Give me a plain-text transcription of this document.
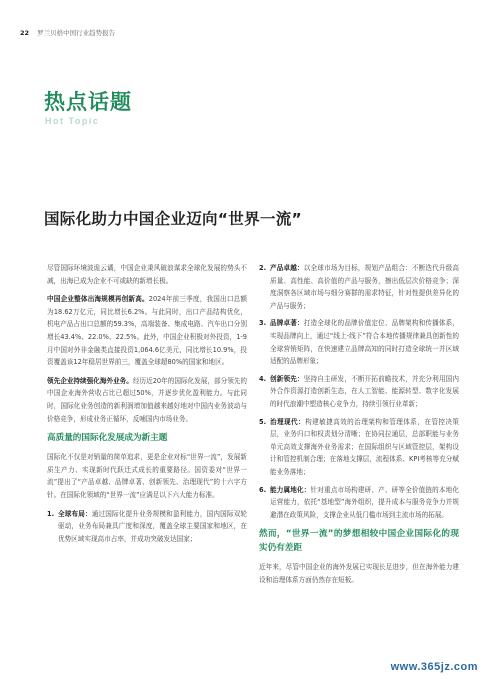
22 罗兰贝格中国行业趋势报告
热点话题
Hot Topic
国际化助力中国企业迈向“世界一流”

尽管国际环境波诡云谲，中国企业秉风破浪谋求全球化发展的势头不减，出海已成为企业不可或缺的新增长极。

中国企业整体出海规模再创新高。2024年前三季度，我国出口总额为18.62万亿元，同比增长6.2%。与此同时，出口产品结构优化，机电产品占出口总额的59.3%，高端装备、集成电路、汽车出口分别增长43.4%、22.0%、22.5%。此外，中国企业积极对外投资，1-9月中国对外非金融类直接投资1,064.6亿美元，同比增长10.9%，投资覆盖该12年稳居世界前三，覆盖全球超80%的国家和地区。

领先企业持续强化海外业务。经历近20年的国际化发展，部分领先的中国企业海外营收占比已超过50%，并逐步优化盈利能力。与此同时，国际化业务创造的新利润增加值越来越好地对中国内业务波动与价格竞争，形成业务正循环，反哺国内市场业务。

高质量的国际化发展成为新主题

国际化不仅是对销量的简单追求，更是企业对标“世界一流”，发展新质生产力、实现新时代跃迁式成长的重要路径。国资委对“世界一流”提出了“产品卓越、品牌卓著、创新领先、治理现代”的十六字方针。在国际化领域的“世界一流”应满足以下六大能力标准。

1. 全球布局：通过国际化提升业务规模和盈利能力，国内国际双轮驱动，业务布局兼具广度和深度，覆盖全球主要国家和地区，在优势区域实现高市占率，并成功突破发达国家；
2. 产品卓越：以全球市场为目标，规划产品组合：不断迭代升级高质量、高性能、高价值的产品与服务，擦出低层次价格竞争；深度洞察各区域市场与细分赛群的需求特征，针对性提供差异化的产品与服务；
3. 品牌卓著：打造全球化的品牌价值定位、品牌架构和传播体系，实现品牌向上，通过“线上-线下”符合本地传播规律兼具创新性的全球营销矩阵，在快速建立品牌高知的同时打造全球统一并区域适配的品牌形象；
4. 创新领先：坚持自主研发，不断开拓前瞻技术，并充分利用国内外合作资源打造创新生态，在人工智能、能源转型、数字化发展的时代浪潮中塑造核心竞争力，持续引领行业革新；
5. 治理现代：构建敏捷高效的治理架构和管理体系，在管控决策层，业务归口和权责划分清晰；在协同拉通层，总部职能与业务单元高效支撑海外业务需求；在国际组织与区域管控层，架构设计和管控机制合理；在落地支撑层，流程体系、KPI考核等充分赋能业务落地；
6. 能力属地化：针对重点市场构建研、产、研等全价值链的本地化运营能力，依托“基地型”海外组织，提升成本与服务竞争力并规避潜在政策风险，支撑企业从低门槛市场到主流市场的拓展。
然而，“世界一流”的梦想相较中国企业国际化的现实仍有差距

近年来，尽管中国企业的海外发展已实现长足进步，但在海外能力建设和治理体系方面仍然存在短板。

www.365jz.com
